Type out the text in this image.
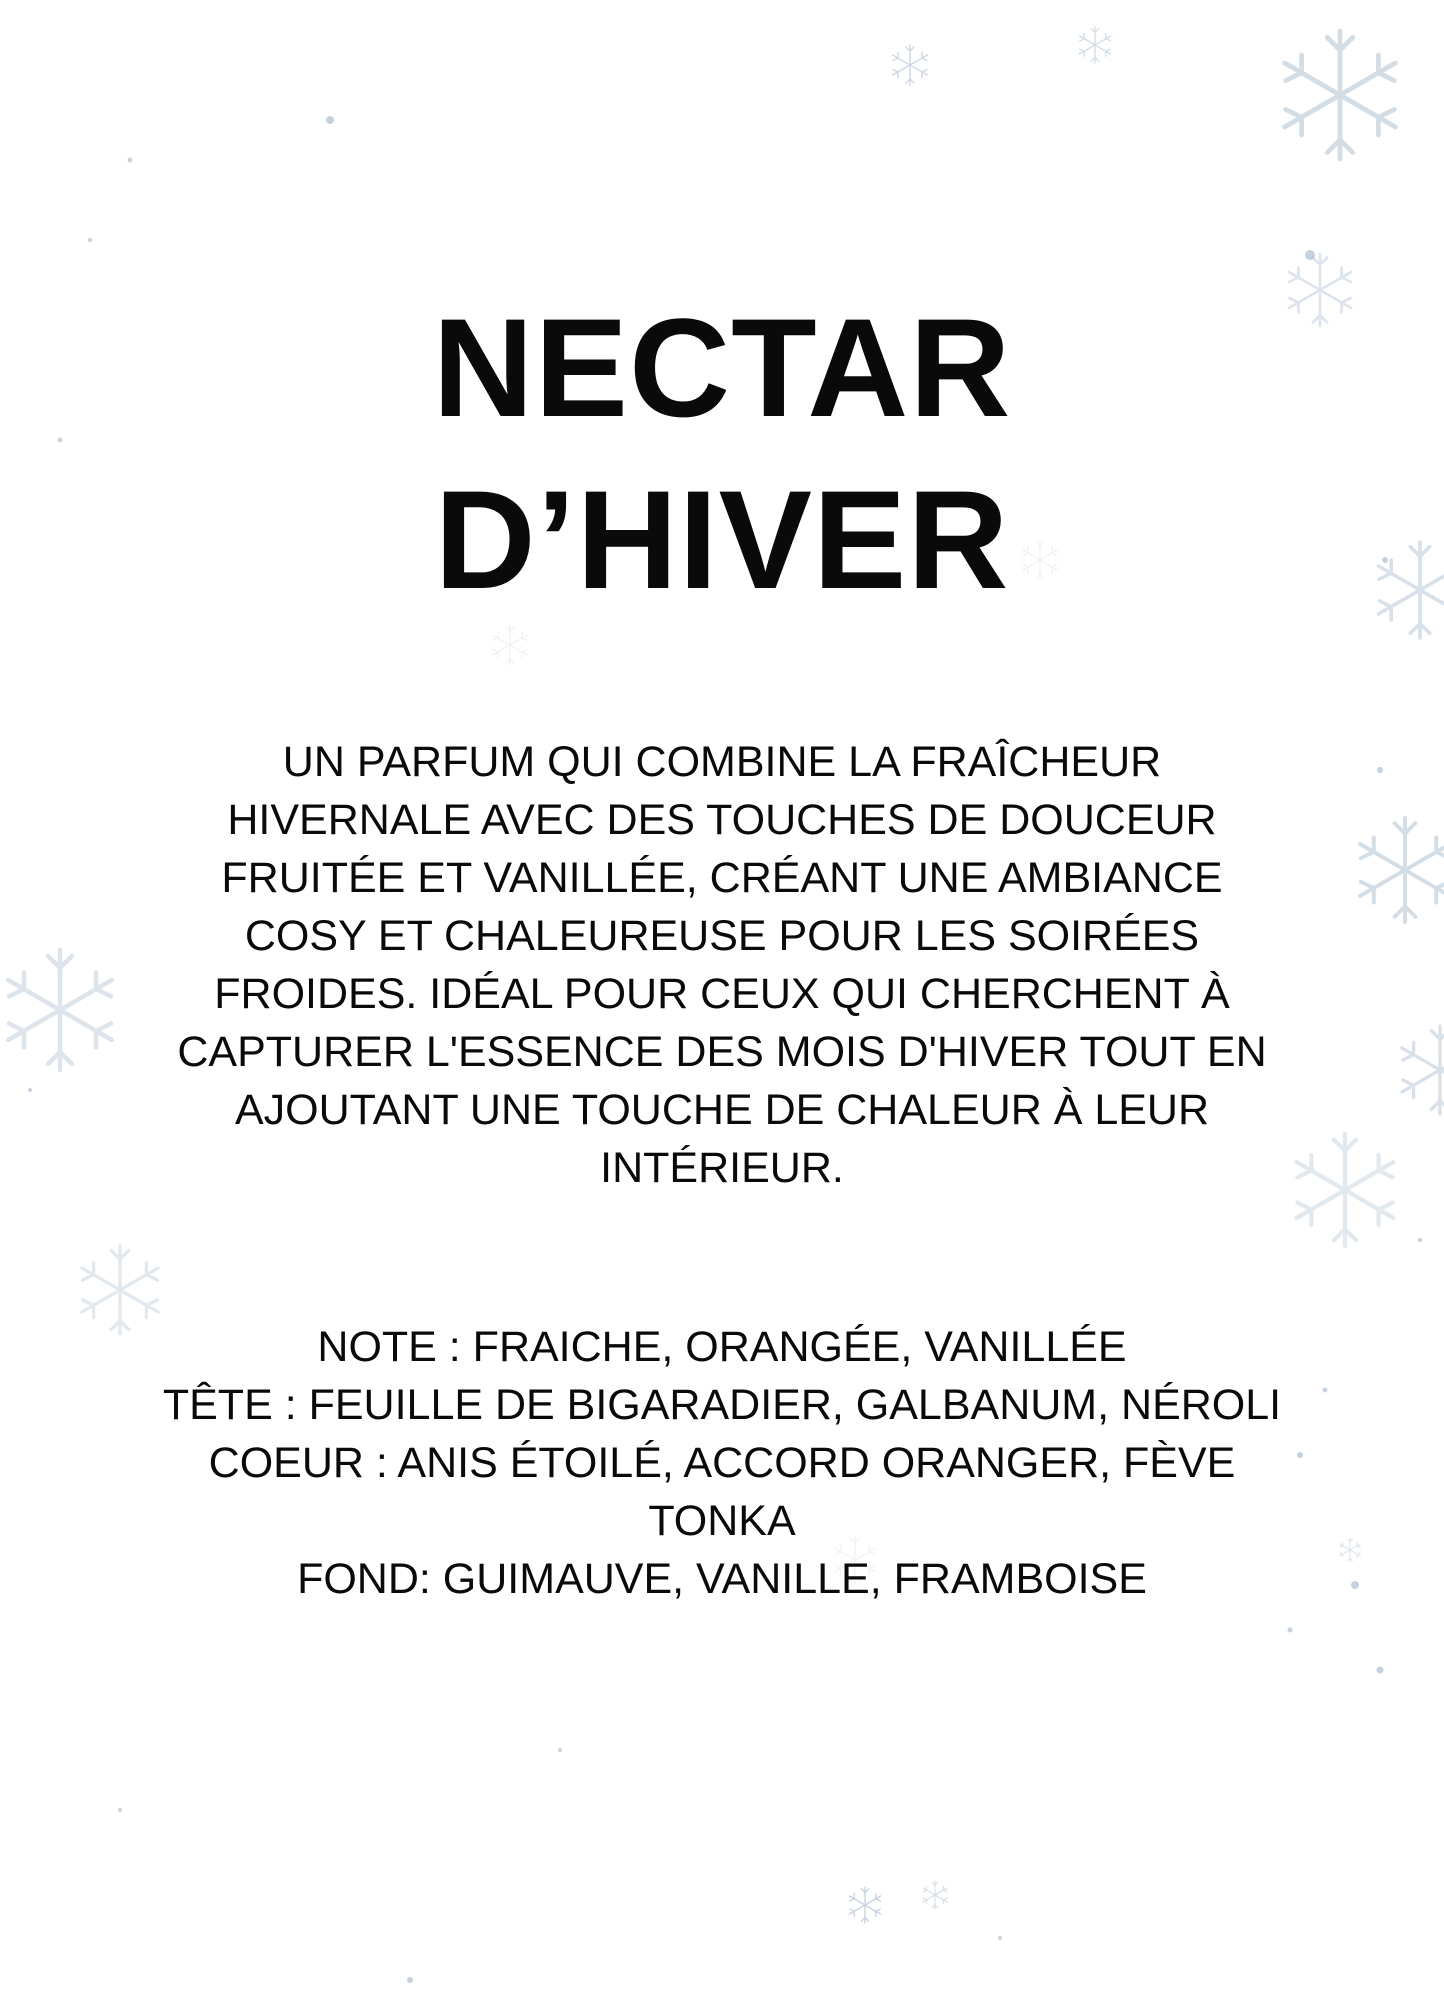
NECTAR
D’HIVER

UN PARFUM QUI COMBINE LA FRAÎCHEUR HIVERNALE AVEC DES TOUCHES DE DOUCEUR FRUITÉE ET VANILLÉE, CRÉANT UNE AMBIANCE COSY ET CHALEUREUSE POUR LES SOIRÉES FROIDES. IDÉAL POUR CEUX QUI CHERCHENT À CAPTURER L'ESSENCE DES MOIS D'HIVER TOUT EN AJOUTANT UNE TOUCHE DE CHALEUR À LEUR INTÉRIEUR.

NOTE : FRAICHE, ORANGÉE, VANILLÉE
TÊTE : FEUILLE DE BIGARADIER, GALBANUM, NÉROLI
COEUR : ANIS ÉTOILÉ, ACCORD ORANGER, FÈVE TONKA
FOND: GUIMAUVE, VANILLE, FRAMBOISE
